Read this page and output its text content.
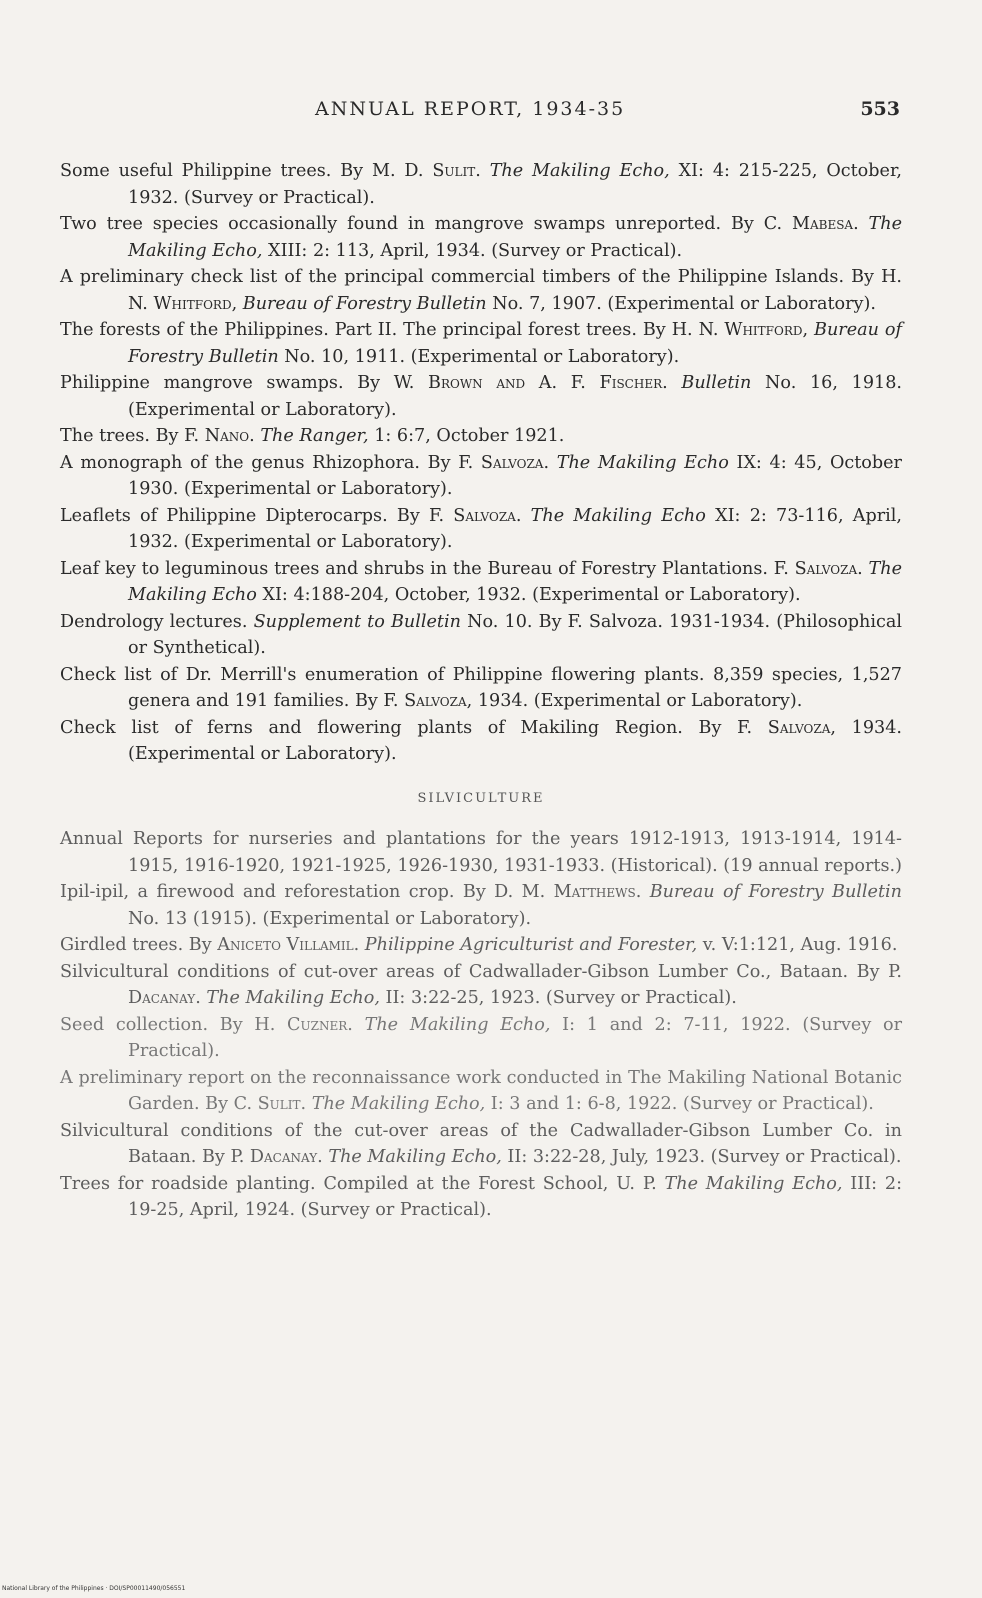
ANNUAL REPORT, 1934-35	553

Some useful Philippine trees. By M. D. Sulit. The Makiling Echo, XI: 4: 215-225, October, 1932. (Survey or Practical).

Two tree species occasionally found in mangrove swamps unreported. By C. Mabesa. The Makiling Echo, XIII: 2: 113, April, 1934. (Survey or Practical).

A preliminary check list of the principal commercial timbers of the Philippine Islands. By H. N. Whitford, Bureau of Forestry Bulletin No. 7, 1907. (Experimental or Laboratory).

The forests of the Philippines. Part II. The principal forest trees. By H. N. Whitford, Bureau of Forestry Bulletin No. 10, 1911. (Experimental or Laboratory).

Philippine mangrove swamps. By W. Brown and A. F. Fischer. Bulletin No. 16, 1918. (Experimental or Laboratory).

The trees. By F. Nano. The Ranger, 1: 6:7, October 1921.

A monograph of the genus Rhizophora. By F. Salvoza. The Makiling Echo IX: 4: 45, October 1930. (Experimental or Laboratory).

Leaflets of Philippine Dipterocarps. By F. Salvoza. The Makiling Echo XI: 2: 73-116, April, 1932. (Experimental or Laboratory).

Leaf key to leguminous trees and shrubs in the Bureau of Forestry Plantations. F. Salvoza. The Makiling Echo XI: 4:188-204, October, 1932. (Experimental or Laboratory).

Dendrology lectures. Supplement to Bulletin No. 10. By F. Salvoza. 1931-1934. (Philosophical or Synthetical).

Check list of Dr. Merrill's enumeration of Philippine flowering plants. 8,359 species, 1,527 genera and 191 families. By F. Salvoza, 1934. (Experimental or Laboratory).

Check list of ferns and flowering plants of Makiling Region. By F. Salvoza, 1934. (Experimental or Laboratory).

SILVICULTURE

Annual Reports for nurseries and plantations for the years 1912-1913, 1913-1914, 1914-1915, 1916-1920, 1921-1925, 1926-1930, 1931-1933. (Historical). (19 annual reports.)

Ipil-ipil, a firewood and reforestation crop. By D. M. Matthews. Bureau of Forestry Bulletin No. 13 (1915). (Experimental or Laboratory).

Girdled trees. By Aniceto Villamil. Philippine Agriculturist and Forester, v. V:1:121, Aug. 1916.

Silvicultural conditions of cut-over areas of Cadwallader-Gibson Lumber Co., Bataan. By P. Dacanay. The Makiling Echo, II: 3:22-25, 1923. (Survey or Practical).

Seed collection. By H. Cuzner. The Makiling Echo, I: 1 and 2: 7-11, 1922. (Survey or Practical).

A preliminary report on the reconnaissance work conducted in The Makiling National Botanic Garden. By C. Sulit. The Makiling Echo, I: 3 and 1: 6-8, 1922. (Survey or Practical).

Silvicultural conditions of the cut-over areas of the Cadwallader-Gibson Lumber Co. in Bataan. By P. Dacanay. The Makiling Echo, II: 3:22-28, July, 1923. (Survey or Practical).

Trees for roadside planting. Compiled at the Forest School, U. P. The Makiling Echo, III: 2: 19-25, April, 1924. (Survey or Practical).

National Library of the Philippines · DOI/SP00011490/056551
